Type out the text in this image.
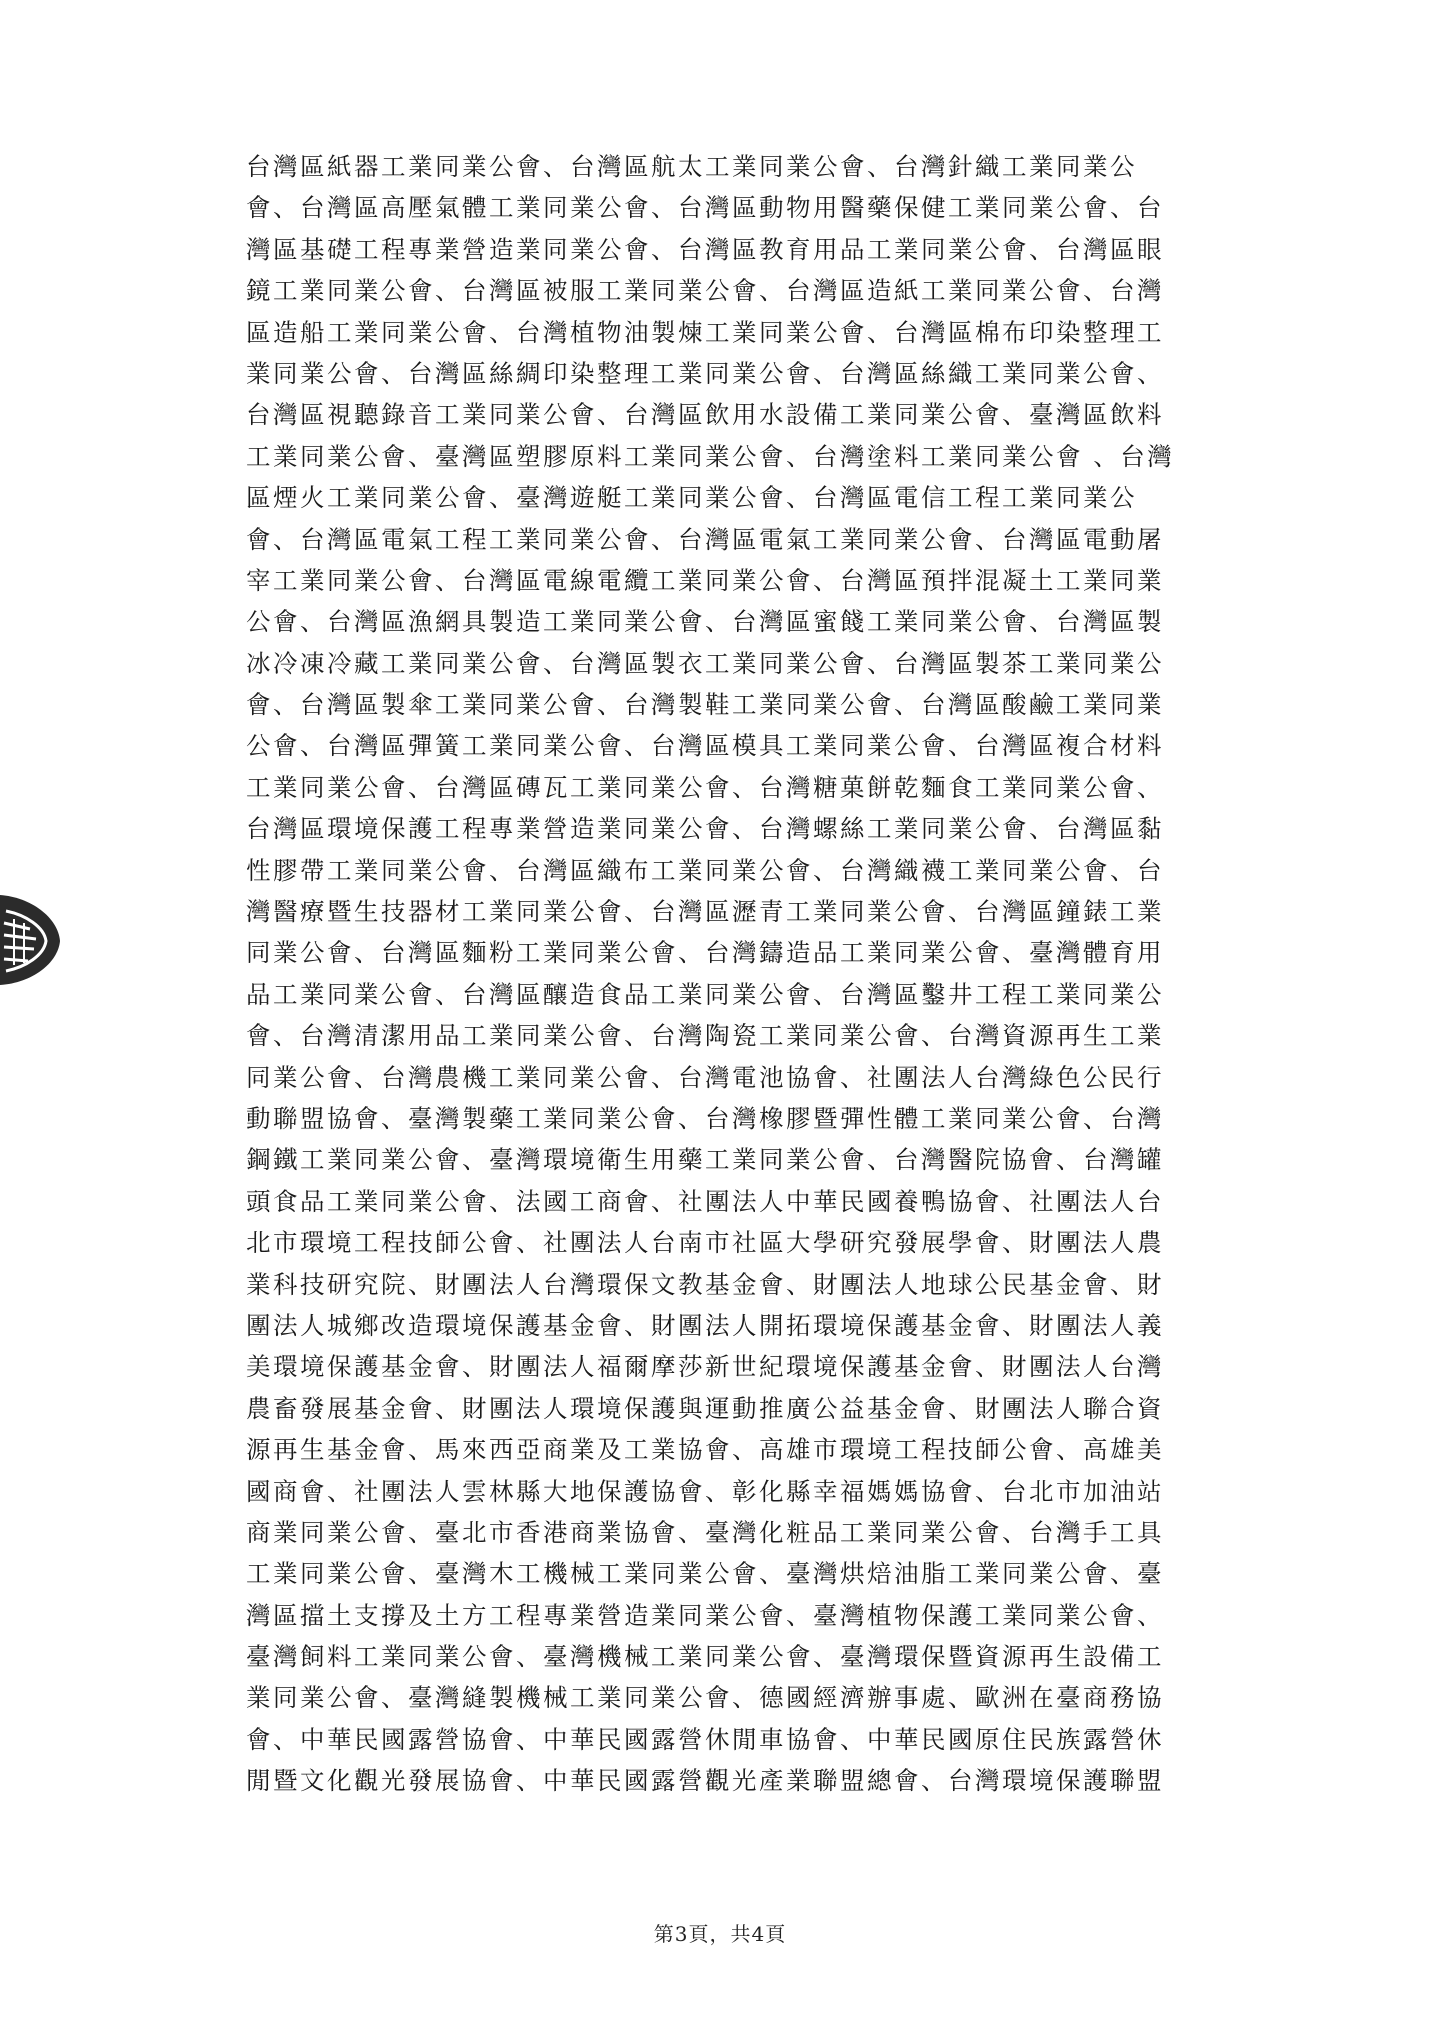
台灣區紙器工業同業公會、台灣區航太工業同業公會、台灣針織工業同業公
會、台灣區高壓氣體工業同業公會、台灣區動物用醫藥保健工業同業公會、台
灣區基礎工程專業營造業同業公會、台灣區教育用品工業同業公會、台灣區眼
鏡工業同業公會、台灣區被服工業同業公會、台灣區造紙工業同業公會、台灣
區造船工業同業公會、台灣植物油製煉工業同業公會、台灣區棉布印染整理工
業同業公會、台灣區絲綢印染整理工業同業公會、台灣區絲織工業同業公會、
台灣區視聽錄音工業同業公會、台灣區飲用水設備工業同業公會、臺灣區飲料
工業同業公會、臺灣區塑膠原料工業同業公會、台灣塗料工業同業公會 、台灣
區煙火工業同業公會、臺灣遊艇工業同業公會、台灣區電信工程工業同業公
會、台灣區電氣工程工業同業公會、台灣區電氣工業同業公會、台灣區電動屠
宰工業同業公會、台灣區電線電纜工業同業公會、台灣區預拌混凝土工業同業
公會、台灣區漁網具製造工業同業公會、台灣區蜜餞工業同業公會、台灣區製
冰冷凍冷藏工業同業公會、台灣區製衣工業同業公會、台灣區製茶工業同業公
會、台灣區製傘工業同業公會、台灣製鞋工業同業公會、台灣區酸鹼工業同業
公會、台灣區彈簧工業同業公會、台灣區模具工業同業公會、台灣區複合材料
工業同業公會、台灣區磚瓦工業同業公會、台灣糖菓餅乾麵食工業同業公會、
台灣區環境保護工程專業營造業同業公會、台灣螺絲工業同業公會、台灣區黏
性膠帶工業同業公會、台灣區織布工業同業公會、台灣織襪工業同業公會、台
灣醫療暨生技器材工業同業公會、台灣區瀝青工業同業公會、台灣區鐘錶工業
同業公會、台灣區麵粉工業同業公會、台灣鑄造品工業同業公會、臺灣體育用
品工業同業公會、台灣區釀造食品工業同業公會、台灣區鑿井工程工業同業公
會、台灣清潔用品工業同業公會、台灣陶瓷工業同業公會、台灣資源再生工業
同業公會、台灣農機工業同業公會、台灣電池協會、社團法人台灣綠色公民行
動聯盟協會、臺灣製藥工業同業公會、台灣橡膠暨彈性體工業同業公會、台灣
鋼鐵工業同業公會、臺灣環境衛生用藥工業同業公會、台灣醫院協會、台灣罐
頭食品工業同業公會、法國工商會、社團法人中華民國養鴨協會、社團法人台
北市環境工程技師公會、社團法人台南市社區大學研究發展學會、財團法人農
業科技研究院、財團法人台灣環保文教基金會、財團法人地球公民基金會、財
團法人城鄉改造環境保護基金會、財團法人開拓環境保護基金會、財團法人義
美環境保護基金會、財團法人福爾摩莎新世紀環境保護基金會、財團法人台灣
農畜發展基金會、財團法人環境保護與運動推廣公益基金會、財團法人聯合資
源再生基金會、馬來西亞商業及工業協會、高雄市環境工程技師公會、高雄美
國商會、社團法人雲林縣大地保護協會、彰化縣幸福媽媽協會、台北市加油站
商業同業公會、臺北市香港商業協會、臺灣化粧品工業同業公會、台灣手工具
工業同業公會、臺灣木工機械工業同業公會、臺灣烘焙油脂工業同業公會、臺
灣區擋土支撐及土方工程專業營造業同業公會、臺灣植物保護工業同業公會、
臺灣飼料工業同業公會、臺灣機械工業同業公會、臺灣環保暨資源再生設備工
業同業公會、臺灣縫製機械工業同業公會、德國經濟辦事處、歐洲在臺商務協
會、中華民國露營協會、中華民國露營休閒車協會、中華民國原住民族露營休
閒暨文化觀光發展協會、中華民國露營觀光產業聯盟總會、台灣環境保護聯盟
第3頁，共4頁
